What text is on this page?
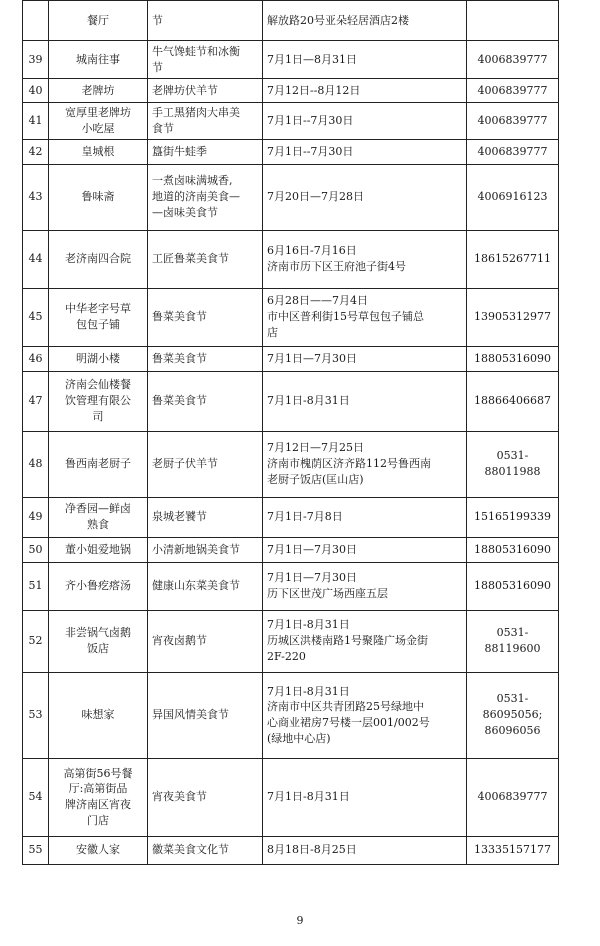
	餐厅	节	解放路20号亚朵轻居酒店2楼	

39	城南往事	牛气馋蛙节和冰衡
节	7月1日—8月31日	4006839777

40	老牌坊	老牌坊伏羊节	7月12日--8月12日	4006839777

41	宽厚里老牌坊
小吃屋	手工黑猪肉大串美
食节	7月1日--7月30日	4006839777

42	皇城根	簋街牛蛙季	7月1日--7月30日	4006839777

43	鲁味斋	一煮卤味满城香,
地道的济南美食—
—卤味美食节	7月20日—7月28日	4006916123

44	老济南四合院	工匠鲁菜美食节	6月16日-7月16日
济南市历下区王府池子街4号	18615267711

45	中华老字号草
包包子铺	鲁菜美食节	6月28日——7月4日
市中区普利街15号草包包子铺总
店	13905312977

46	明湖小楼	鲁菜美食节	7月1日—7月30日	18805316090

47	济南会仙楼餐
饮管理有限公
司	鲁菜美食节	7月1日-8月31日	18866406687

48	鲁西南老厨子	老厨子伏羊节	7月12日—7月25日
济南市槐荫区济齐路112号鲁西南
老厨子饭店(匡山店)	0531-88011988

49	净香园—鲜卤
熟食	泉城老饕节	7月1日-7月8日	15165199339

50	董小姐爱地锅	小清新地锅美食节	7月1日—7月30日	18805316090

51	齐小鲁疙瘩汤	健康山东菜美食节	7月1日—7月30日
历下区世茂广场西座五层	18805316090

52	非尝锅气卤鹅
饭店	宵夜卤鹅节	7月1日-8月31日
历城区洪楼南路1号聚隆广场金街
2F-220	0531-88119600

53	味想家	异国风情美食节	7月1日-8月31日
济南市中区共青团路25号绿地中
心商业裙房7号楼一层001/002号
(绿地中心店)	0531-86095056;
86096056

54	高第街56号餐
厅:高第街品
牌济南区宵夜
门店	宵夜美食节	7月1日-8月31日	4006839777

55	安徽人家	徽菜美食文化节	8月18日-8月25日	13335157177
9
